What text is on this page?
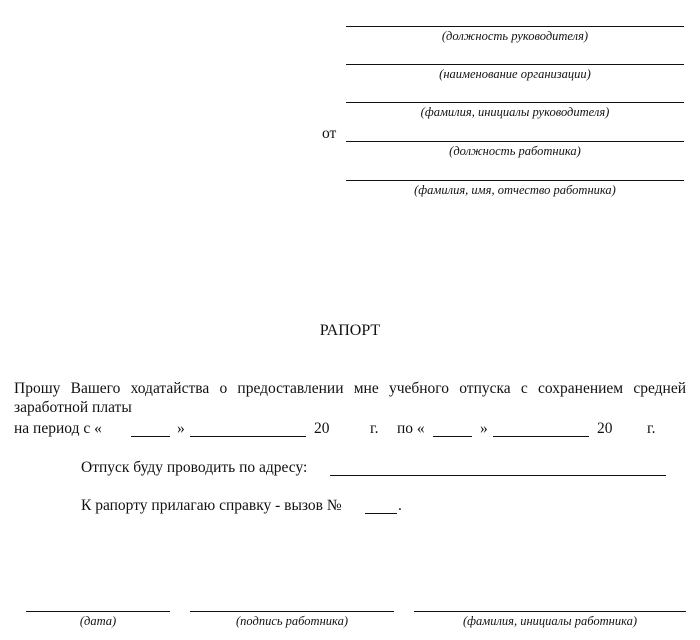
(должность руководителя)
(наименование организации)
(фамилия, инициалы руководителя)
от
(должность работника)
(фамилия, имя, отчество работника)
РАПОРТ
Прошу Вашего ходатайства о предоставлении мне учебного отпуска с сохранением средней
заработной платы
на период с «	»	20	г. по «	»	20 г.
Отпуск буду проводить по адресу:
К рапорту прилагаю справку - вызов №	.
(дата)	(подпись работника)	(фамилия, инициалы работника)
